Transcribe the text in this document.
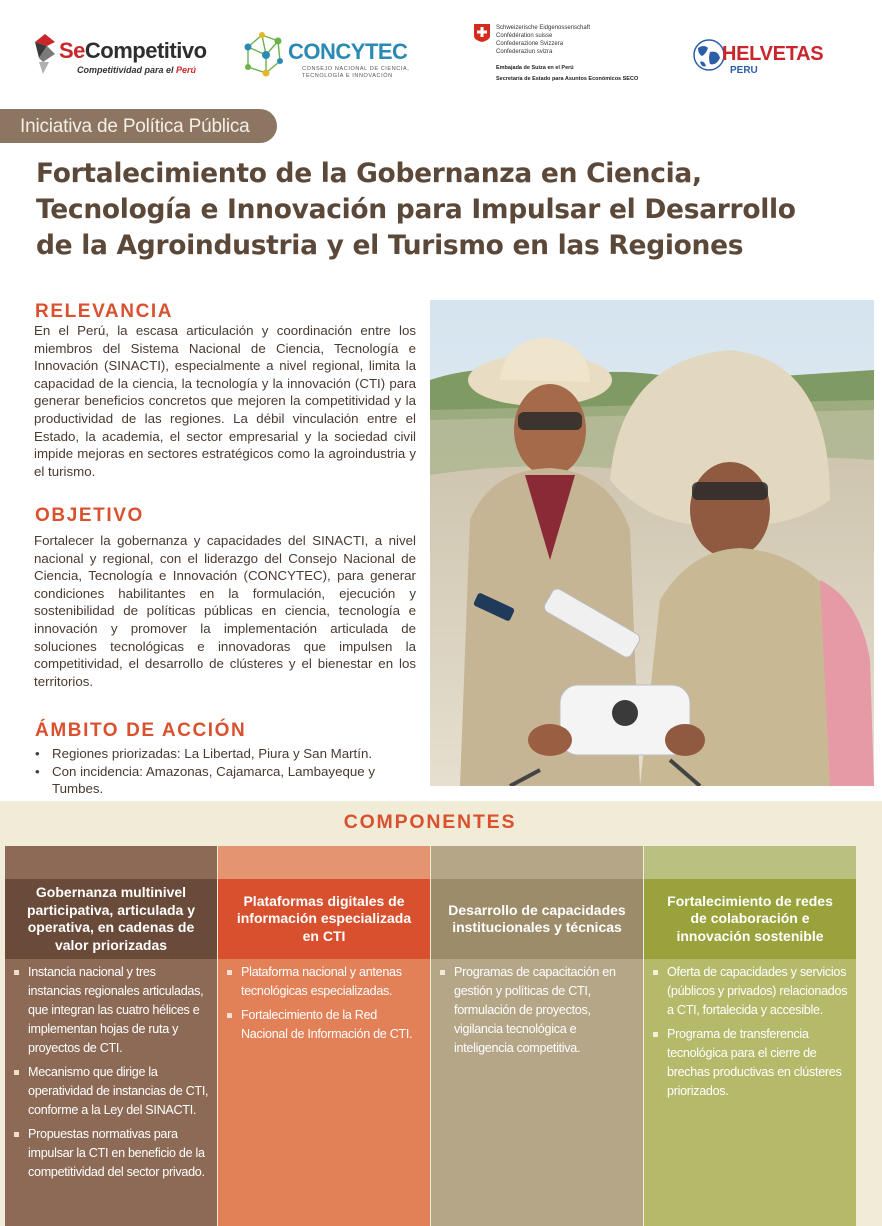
SeCompetitivo
Competitividad para el Perú
CONCYTEC
CONSEJO NACIONAL DE CIENCIA,
TECNOLOGÍA E INNOVACIÓN
Schweizerische Eidgenossenschaft
Confédération suisse
Confederazione Svizzera
Confederaziun svizra
Embajada de Suiza en el Perú
Secretaría de Estado para Asuntos Económicos SECO
HELVETAS
PERU
Iniciativa de Política Pública
Fortalecimiento de la Gobernanza en Ciencia, Tecnología e Innovación para Impulsar el Desarrollo de la Agroindustria y el Turismo en las Regiones
RELEVANCIA

En el Perú, la escasa articulación y coordinación entre los miembros del Sistema Nacional de Ciencia, Tecnología e Innovación (SINACTI), especialmente a nivel regional, limita la capacidad de la ciencia, la tecnología y la innovación (CTI) para generar beneficios concretos que mejoren la competitividad y la productividad de las regiones. La débil vinculación entre el Estado, la academia, el sector empresarial y la sociedad civil impide mejoras en sectores estratégicos como la agroindustria y el turismo.

OBJETIVO

Fortalecer la gobernanza y capacidades del SINACTI, a nivel nacional y regional, con el liderazgo del Consejo Nacional de Ciencia, Tecnología e Innovación (CONCYTEC), para generar condiciones habilitantes en la formulación, ejecución y sostenibilidad de políticas públicas en ciencia, tecnología e innovación y promover la implementación articulada de soluciones tecnológicas e innovadoras que impulsen la competitividad, el desarrollo de clústeres y el bienestar en los territorios.

ÁMBITO DE ACCIÓN
• Regiones priorizadas: La Libertad, Piura y San Martín.
• Con incidencia: Amazonas, Cajamarca, Lambayeque y Tumbes.
COMPONENTES
Gobernanza multinivel participativa, articulada y operativa, en cadenas de valor priorizadas
Instancia nacional y tres instancias regionales articuladas, que integran las cuatro hélices e implementan hojas de ruta y proyectos de CTI.
Mecanismo que dirige la operatividad de instancias de CTI, conforme a la Ley del SINACTI.
Propuestas normativas para impulsar la CTI en beneficio de la competitividad del sector privado.
Plataformas digitales de información especializada en CTI
Plataforma nacional y antenas tecnológicas especializadas.
Fortalecimiento de la Red Nacional de Información de CTI.
Desarrollo de capacidades institucionales y técnicas
Programas de capacitación en gestión y políticas de CTI, formulación de proyectos, vigilancia tecnológica e inteligencia competitiva.
Fortalecimiento de redes de colaboración e innovación sostenible
Oferta de capacidades y servicios (públicos y privados) relacionados a CTI, fortalecida y accesible.
Programa de transferencia tecnológica para el cierre de brechas productivas en clústeres priorizados.
